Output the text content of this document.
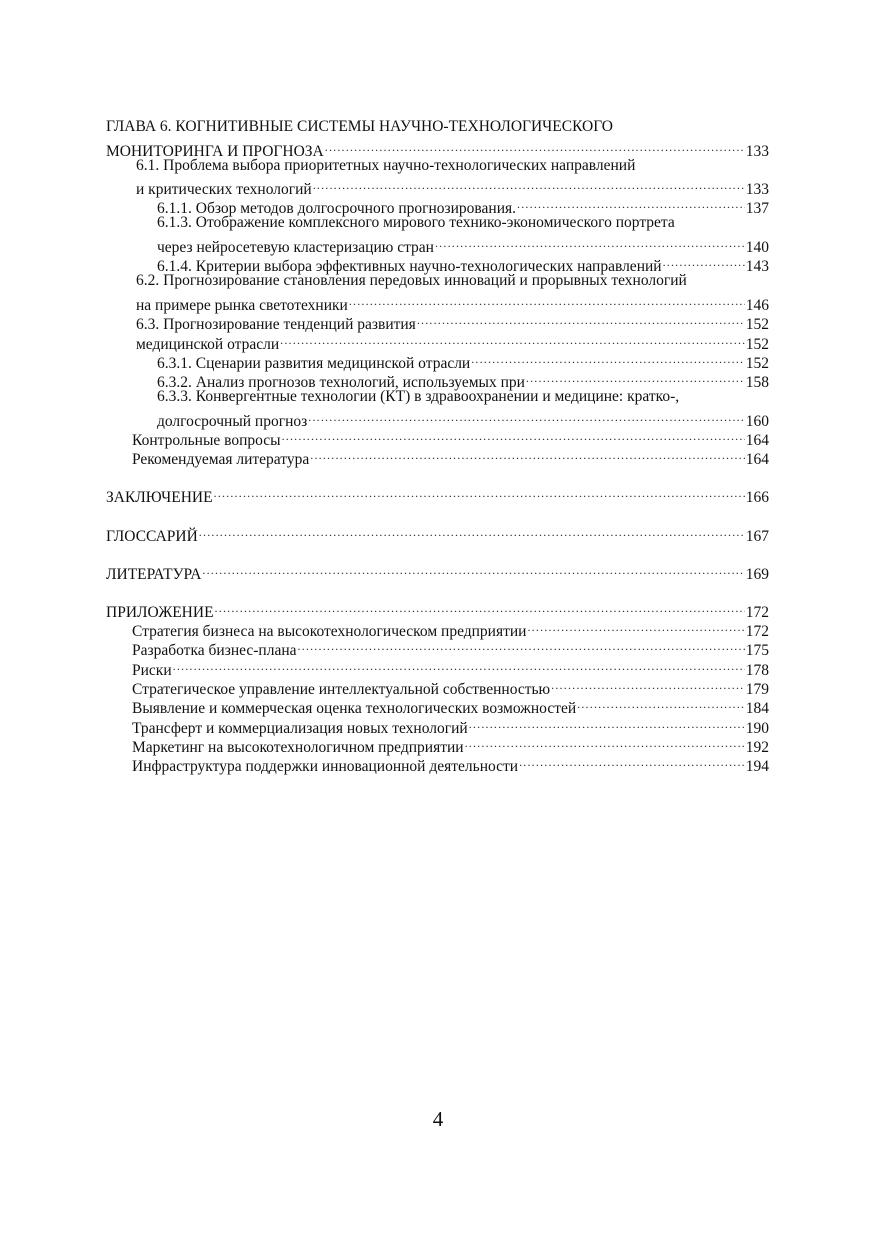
ГЛАВА 6. КОГНИТИВНЫЕ СИСТЕМЫ НАУЧНО-ТЕХНОЛОГИЧЕСКОГО
МОНИТОРИНГА И ПРОГНОЗА .....	133
6.1. Проблема выбора приоритетных научно-технологических направлений
и критических технологий .....	133
6.1.1. Обзор методов долгосрочного прогнозирования. .....	137
6.1.3. Отображение комплексного мирового технико-экономического портрета
через нейросетевую кластеризацию стран .....	140
6.1.4. Критерии выбора эффективных научно-технологических направлений .....	143
6.2. Прогнозирование становления передовых инноваций и прорывных технологий
на примере рынка светотехники .....	146
6.3. Прогнозирование тенденций развития .....	152
медицинской отрасли .....	152
6.3.1. Сценарии развития медицинской отрасли .....	152
6.3.2. Анализ прогнозов технологий, используемых при .....	158
6.3.3. Конвергентные технологии (КТ) в здравоохранении и медицине: кратко-,
долгосрочный прогноз .....	160
Контрольные вопросы .....	164
Рекомендуемая литература .....	164
ЗАКЛЮЧЕНИЕ .....	166
ГЛОССАРИЙ .....	167
ЛИТЕРАТУРА .....	169
ПРИЛОЖЕНИЕ .....	172
Стратегия бизнеса на высокотехнологическом предприятии .....	172
Разработка бизнес-плана .....	175
Риски .....	178
Стратегическое управление интеллектуальной собственностью .....	179
Выявление и коммерческая оценка технологических возможностей .....	184
Трансферт и коммерциализация новых технологий .....	190
Маркетинг на высокотехнологичном предприятии .....	192
Инфраструктура поддержки инновационной деятельности .....	194
4
